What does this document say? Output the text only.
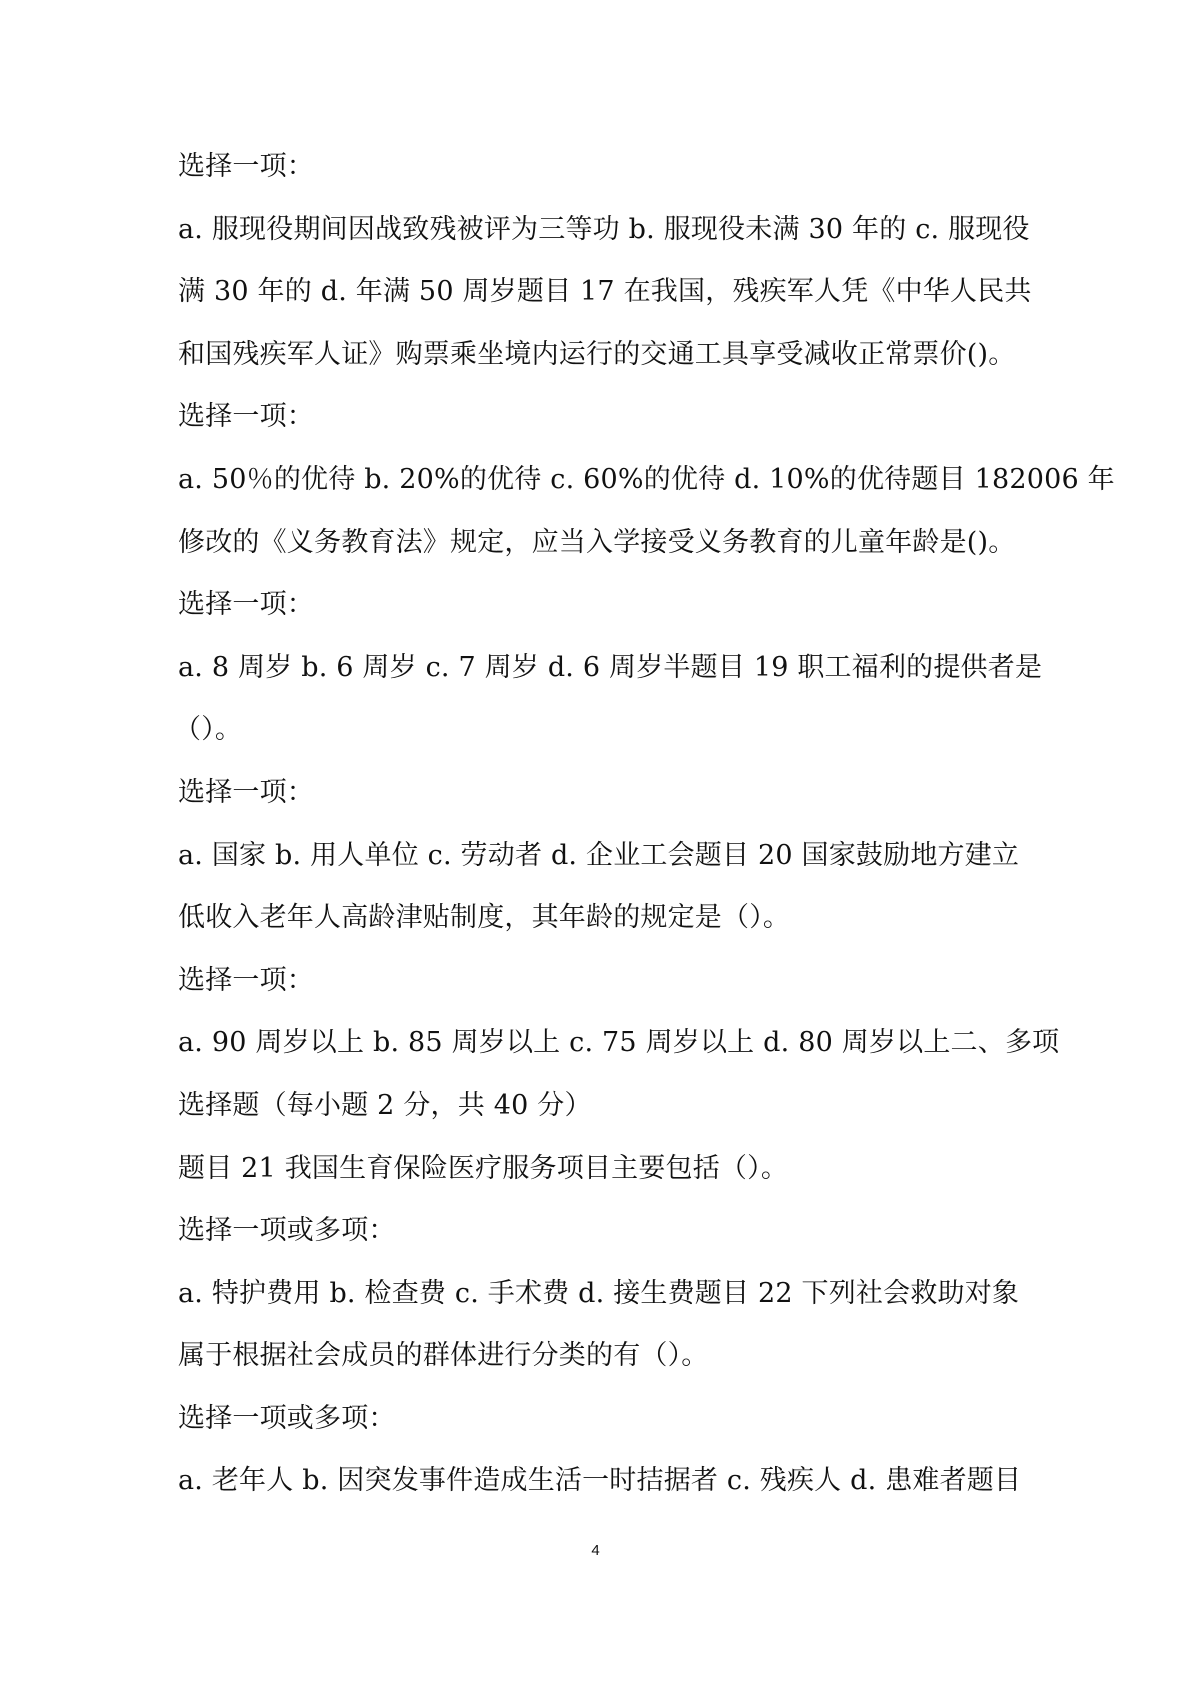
选择一项：
a. 服现役期间因战致残被评为三等功 b. 服现役未满 30 年的 c. 服现役
满 30 年的 d. 年满 50 周岁题目 17 在我国，残疾军人凭《中华人民共
和国残疾军人证》购票乘坐境内运行的交通工具享受减收正常票价()。
选择一项：
a. 50％的优待 b. 20%的优待 c. 60%的优待 d. 10%的优待题目 182006 年
修改的《义务教育法》规定，应当入学接受义务教育的儿童年龄是()。
选择一项：
a. 8 周岁 b. 6 周岁 c. 7 周岁 d. 6 周岁半题目 19 职工福利的提供者是
（）。
选择一项：
a. 国家 b. 用人单位 c. 劳动者 d. 企业工会题目 20 国家鼓励地方建立
低收入老年人高龄津贴制度，其年龄的规定是（）。
选择一项：
a. 90 周岁以上 b. 85 周岁以上 c. 75 周岁以上 d. 80 周岁以上二、多项
选择题（每小题 2 分，共 40 分）
题目 21 我国生育保险医疗服务项目主要包括（）。
选择一项或多项：
a. 特护费用 b. 检查费 c. 手术费 d. 接生费题目 22 下列社会救助对象
属于根据社会成员的群体进行分类的有（）。
选择一项或多项：
a. 老年人 b. 因突发事件造成生活一时拮据者 c. 残疾人 d. 患难者题目
4
